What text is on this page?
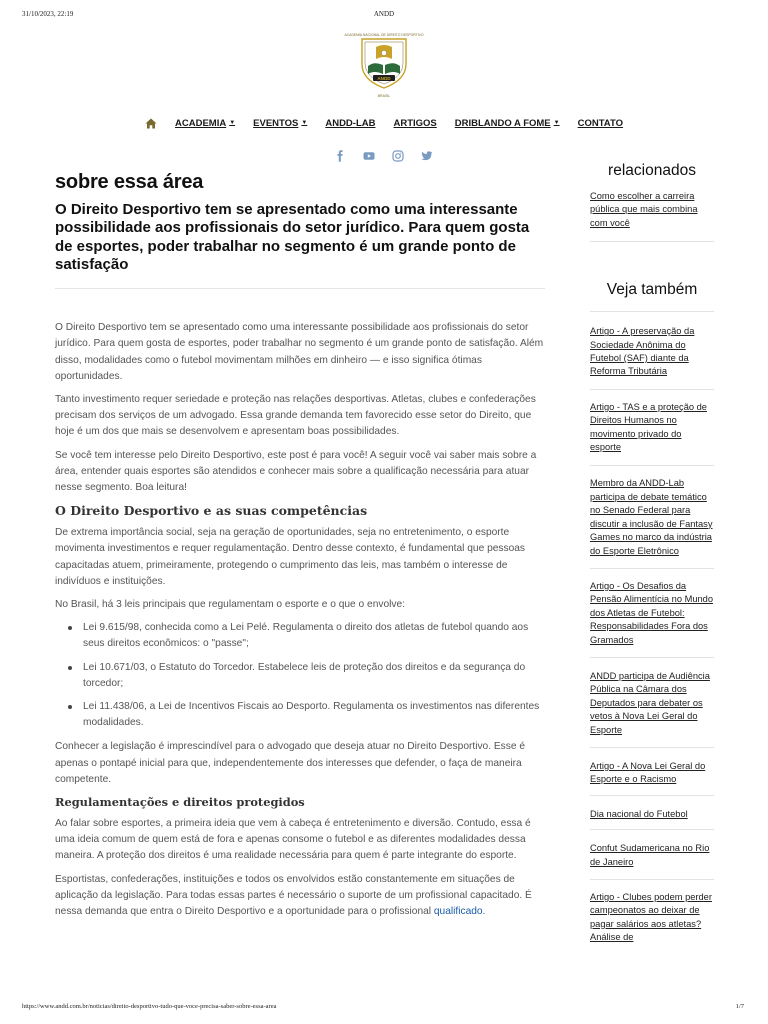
31/10/2023, 22:19	ANDD
ACADEMIA NACIONAL DE DIREITO DESPORTIVO
ANDD
BRASIL
ACADEMIA ▼ EVENTOS ▼ ANDD-LAB ARTIGOS DRIBLANDO A FOME ▼ CONTATO
sobre essa área
O Direito Desportivo tem se apresentado como uma interessante possibilidade aos profissionais do setor jurídico. Para quem gosta de esportes, poder trabalhar no segmento é um grande ponto de satisfação

O Direito Desportivo tem se apresentado como uma interessante possibilidade aos profissionais do setor jurídico. Para quem gosta de esportes, poder trabalhar no segmento é um grande ponto de satisfação. Além disso, modalidades como o futebol movimentam milhões em dinheiro — e isso significa ótimas oportunidades.

Tanto investimento requer seriedade e proteção nas relações desportivas. Atletas, clubes e confederações precisam dos serviços de um advogado. Essa grande demanda tem favorecido esse setor do Direito, que hoje é um dos que mais se desenvolvem e apresentam boas possibilidades.

Se você tem interesse pelo Direito Desportivo, este post é para você! A seguir você vai saber mais sobre a área, entender quais esportes são atendidos e conhecer mais sobre a qualificação necessária para atuar nesse segmento. Boa leitura!

O Direito Desportivo e as suas competências

De extrema importância social, seja na geração de oportunidades, seja no entretenimento, o esporte movimenta investimentos e requer regulamentação. Dentro desse contexto, é fundamental que pessoas capacitadas atuem, primeiramente, protegendo o cumprimento das leis, mas também o interesse de indivíduos e instituições.

No Brasil, há 3 leis principais que regulamentam o esporte e o que o envolve:

Lei 9.615/98, conhecida como a Lei Pelé. Regulamenta o direito dos atletas de futebol quando aos seus direitos econômicos: o "passe";
Lei 10.671/03, o Estatuto do Torcedor. Estabelece leis de proteção dos direitos e da segurança do torcedor;
Lei 11.438/06, a Lei de Incentivos Fiscais ao Desporto. Regulamenta os investimentos nas diferentes modalidades.

Conhecer a legislação é imprescindível para o advogado que deseja atuar no Direito Desportivo. Esse é apenas o pontapé inicial para que, independentemente dos interesses que defender, o faça de maneira competente.

Regulamentações e direitos protegidos

Ao falar sobre esportes, a primeira ideia que vem à cabeça é entretenimento e diversão. Contudo, essa é uma ideia comum de quem está de fora e apenas consome o futebol e as diferentes modalidades dessa maneira. A proteção dos direitos é uma realidade necessária para quem é parte integrante do esporte.

Esportistas, confederações, instituições e todos os envolvidos estão constantemente em situações de aplicação da legislação. Para todas essas partes é necessário o suporte de um profissional capacitado. É nessa demanda que entra o Direito Desportivo e a oportunidade para o profissional qualificado.

relacionados
Como escolher a carreira pública que mais combina com você
Veja também
Artigo - A preservação da Sociedade Anônima do Futebol (SAF) diante da Reforma Tributária
Artigo - TAS e a proteção de Direitos Humanos no movimento privado do esporte
Membro da ANDD-Lab participa de debate temático no Senado Federal para discutir a inclusão de Fantasy Games no marco da indústria do Esporte Eletrônico
Artigo - Os Desafios da Pensão Alimentícia no Mundo dos Atletas de Futebol: Responsabilidades Fora dos Gramados
ANDD participa de Audiência Pública na Câmara dos Deputados para debater os vetos à Nova Lei Geral do Esporte
Artigo - A Nova Lei Geral do Esporte e o Racismo
Dia nacional do Futebol
Confut Sudamericana no Rio de Janeiro
Artigo - Clubes podem perder campeonatos ao deixar de pagar salários aos atletas? Análise de
https://www.andd.com.br/noticias/direito-desportivo-tudo-que-voce-precisa-saber-sobre-essa-area	1/7
